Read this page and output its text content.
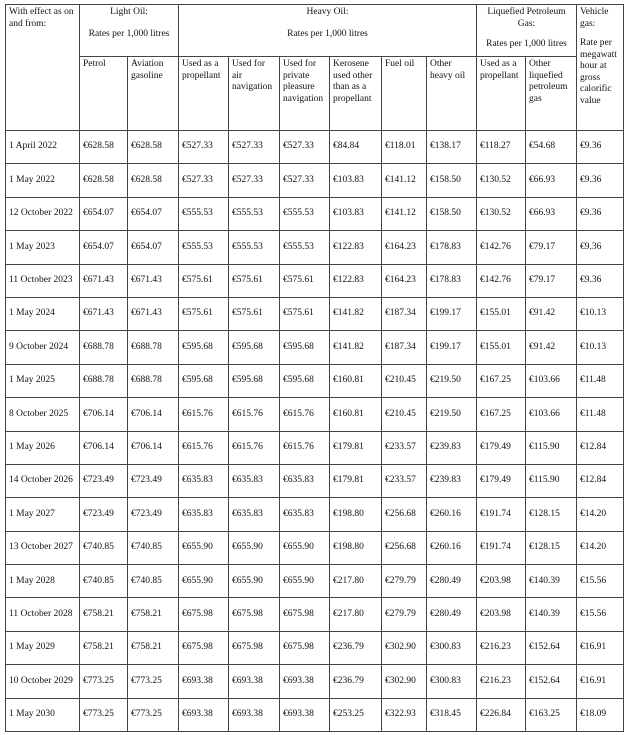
With effect as on and from:	Light Oil:
Rates per 1,000 litres		Heavy Oil:
Rates per 1,000 litres						Liquefied Petroleum Gas:
Rates per 1,000 litres		Vehicle gas:
Rate per megawatt hour at gross calorific value

	Petrol	Aviation gasoline	Used as a propellant	Used for air navigation	Used for private pleasure navigation	Kerosene used other than as a propellant	Fuel oil	Other heavy oil	Used as a propellant	Other liquefied petroleum gas	
1 April 2022	€628.58	€628.58	€527.33	€527.33	€527.33	€84.84	€118.01	€138.17	€118.27	€54.68	€9.36
1 May 2022	€628.58	€628.58	€527.33	€527.33	€527.33	€103.83	€141.12	€158.50	€130.52	€66.93	€9.36
12 October 2022	€654.07	€654.07	€555.53	€555.53	€555.53	€103.83	€141.12	€158.50	€130.52	€66.93	€9.36
1 May 2023	€654.07	€654.07	€555.53	€555.53	€555.53	€122.83	€164.23	€178.83	€142.76	€79.17	€9.36
11 October 2023	€671.43	€671.43	€575.61	€575.61	€575.61	€122.83	€164.23	€178.83	€142.76	€79.17	€9.36
1 May 2024	€671.43	€671.43	€575.61	€575.61	€575.61	€141.82	€187.34	€199.17	€155.01	€91.42	€10.13
9 October 2024	€688.78	€688.78	€595.68	€595.68	€595.68	€141.82	€187.34	€199.17	€155.01	€91.42	€10.13
1 May 2025	€688.78	€688.78	€595.68	€595.68	€595.68	€160.81	€210.45	€219.50	€167.25	€103.66	€11.48
8 October 2025	€706.14	€706.14	€615.76	€615.76	€615.76	€160.81	€210.45	€219.50	€167.25	€103.66	€11.48
1 May 2026	€706.14	€706.14	€615.76	€615.76	€615.76	€179.81	€233.57	€239.83	€179.49	€115.90	€12.84
14 October 2026	€723.49	€723.49	€635.83	€635.83	€635.83	€179.81	€233.57	€239.83	€179.49	€115.90	€12.84
1 May 2027	€723.49	€723.49	€635.83	€635.83	€635.83	€198.80	€256.68	€260.16	€191.74	€128.15	€14.20
13 October 2027	€740.85	€740.85	€655.90	€655.90	€655.90	€198.80	€256.68	€260.16	€191.74	€128.15	€14.20
1 May 2028	€740.85	€740.85	€655.90	€655.90	€655.90	€217.80	€279.79	€280.49	€203.98	€140.39	€15.56
11 October 2028	€758.21	€758.21	€675.98	€675.98	€675.98	€217.80	€279.79	€280.49	€203.98	€140.39	€15.56
1 May 2029	€758.21	€758.21	€675.98	€675.98	€675.98	€236.79	€302.90	€300.83	€216.23	€152.64	€16.91
10 October 2029	€773.25	€773.25	€693.38	€693.38	€693.38	€236.79	€302.90	€300.83	€216.23	€152.64	€16.91
1 May 2030	€773.25	€773.25	€693.38	€693.38	€693.38	€253.25	€322.93	€318.45	€226.84	€163.25	€18.09
